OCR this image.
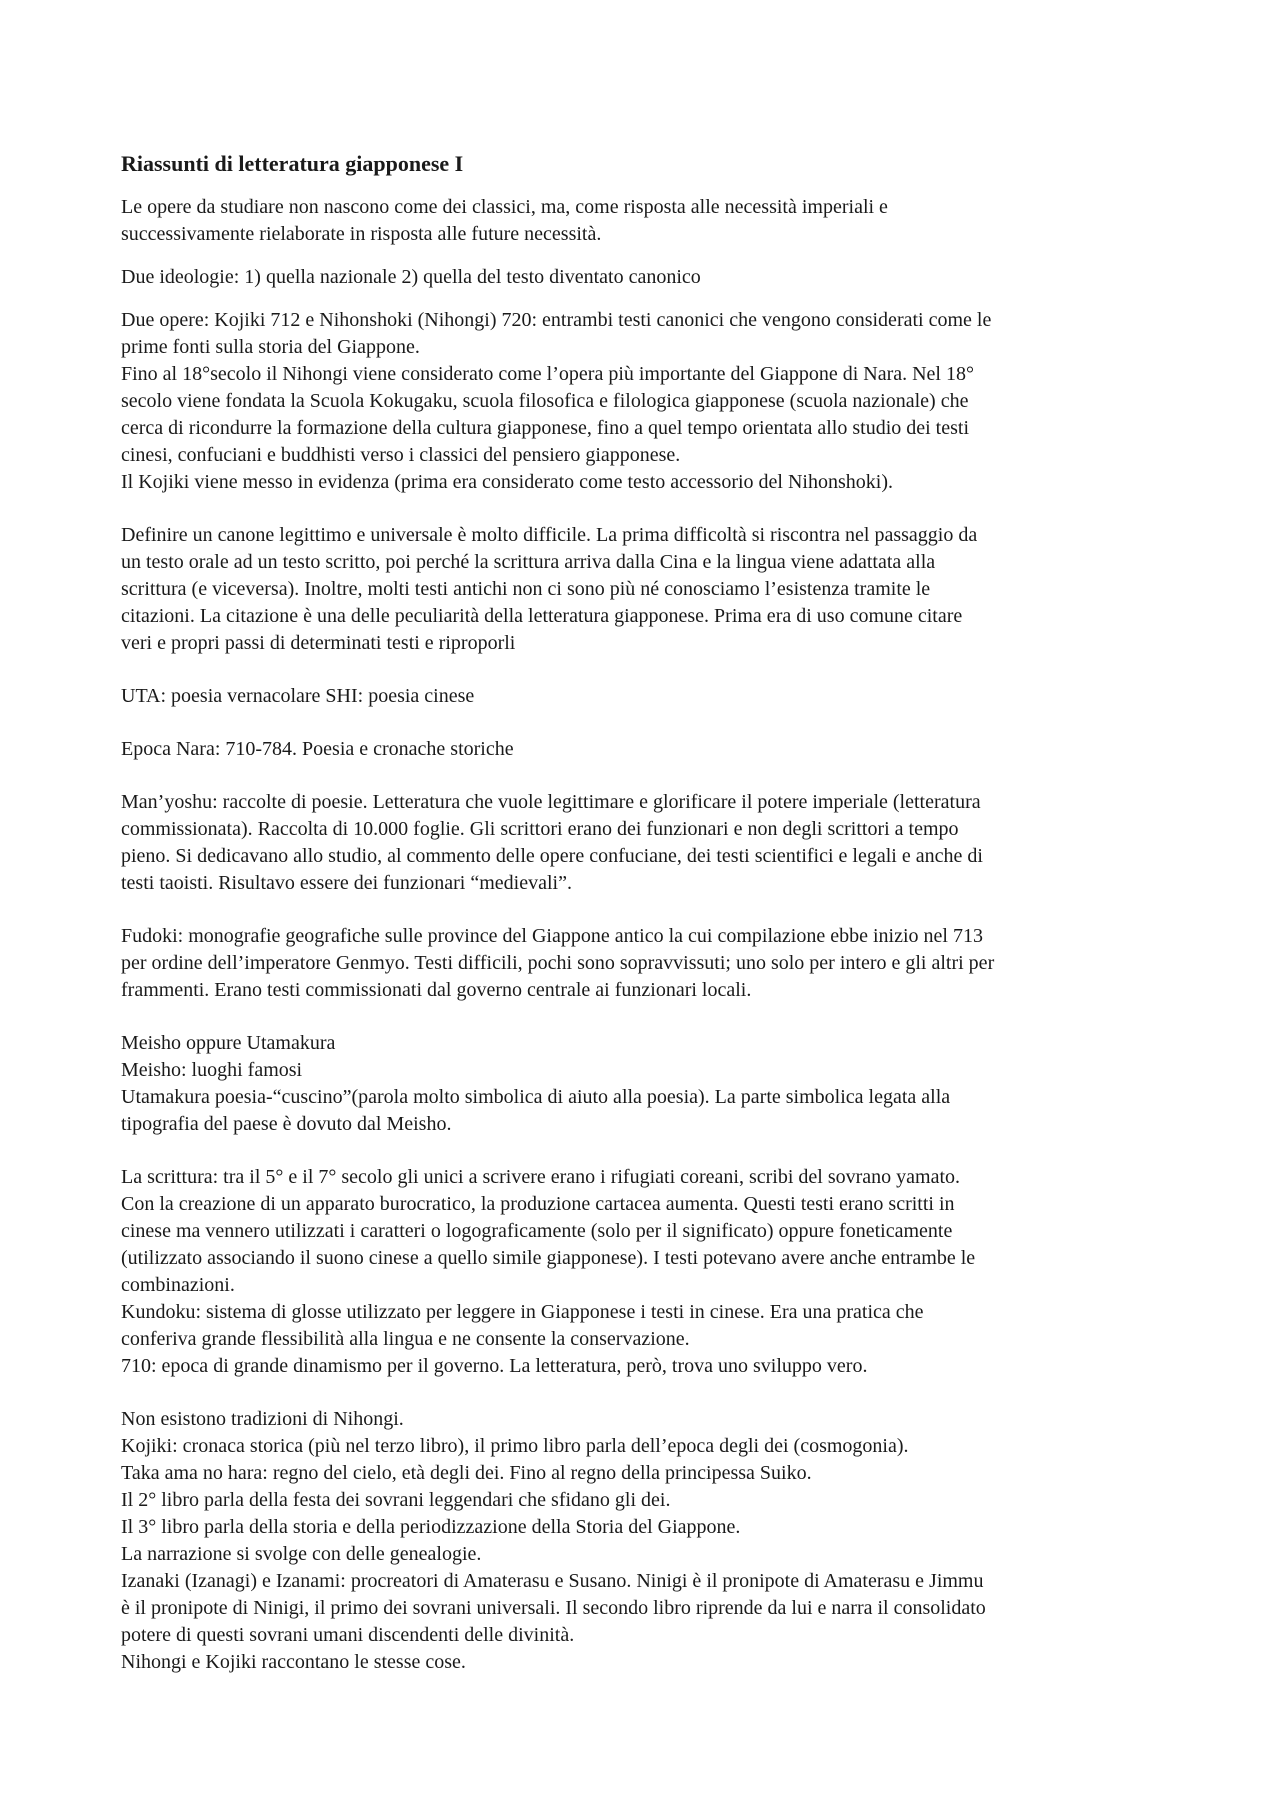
Riassunti di letteratura giapponese I
Le opere da studiare non nascono come dei classici, ma, come risposta alle necessità imperiali e
successivamente rielaborate in risposta alle future necessità.
Due ideologie: 1) quella nazionale 2) quella del testo diventato canonico
Due opere: Kojiki 712 e Nihonshoki (Nihongi) 720: entrambi testi canonici che vengono considerati come le
prime fonti sulla storia del Giappone.
Fino al 18°secolo il Nihongi viene considerato come l’opera più importante del Giappone di Nara. Nel 18°
secolo viene fondata la Scuola Kokugaku, scuola filosofica e filologica giapponese (scuola nazionale) che
cerca di ricondurre la formazione della cultura giapponese, fino a quel tempo orientata allo studio dei testi
cinesi, confuciani e buddhisti verso i classici del pensiero giapponese.
Il Kojiki viene messo in evidenza (prima era considerato come testo accessorio del Nihonshoki).
Definire un canone legittimo e universale è molto difficile. La prima difficoltà si riscontra nel passaggio da
un testo orale ad un testo scritto, poi perché la scrittura arriva dalla Cina e la lingua viene adattata alla
scrittura (e viceversa). Inoltre, molti testi antichi non ci sono più né conosciamo l’esistenza tramite le
citazioni. La citazione è una delle peculiarità della letteratura giapponese. Prima era di uso comune citare
veri e propri passi di determinati testi e riproporli
UTA: poesia vernacolare SHI: poesia cinese
Epoca Nara: 710-784. Poesia e cronache storiche
Man’yoshu: raccolte di poesie. Letteratura che vuole legittimare e glorificare il potere imperiale (letteratura
commissionata). Raccolta di 10.000 foglie. Gli scrittori erano dei funzionari e non degli scrittori a tempo
pieno. Si dedicavano allo studio, al commento delle opere confuciane, dei testi scientifici e legali e anche di
testi taoisti. Risultavo essere dei funzionari “medievali”.
Fudoki: monografie geografiche sulle province del Giappone antico la cui compilazione ebbe inizio nel 713
per ordine dell’imperatore Genmyo. Testi difficili, pochi sono sopravvissuti; uno solo per intero e gli altri per
frammenti. Erano testi commissionati dal governo centrale ai funzionari locali.
Meisho oppure Utamakura
Meisho: luoghi famosi
Utamakura poesia-“cuscino”(parola molto simbolica di aiuto alla poesia). La parte simbolica legata alla
tipografia del paese è dovuto dal Meisho.
La scrittura: tra il 5° e il 7° secolo gli unici a scrivere erano i rifugiati coreani, scribi del sovrano yamato.
Con la creazione di un apparato burocratico, la produzione cartacea aumenta. Questi testi erano scritti in
cinese ma vennero utilizzati i caratteri o logograficamente (solo per il significato) oppure foneticamente
(utilizzato associando il suono cinese a quello simile giapponese). I testi potevano avere anche entrambe le
combinazioni.
Kundoku: sistema di glosse utilizzato per leggere in Giapponese i testi in cinese. Era una pratica che
conferiva grande flessibilità alla lingua e ne consente la conservazione.
710: epoca di grande dinamismo per il governo. La letteratura, però, trova uno sviluppo vero.
Non esistono tradizioni di Nihongi.
Kojiki: cronaca storica (più nel terzo libro), il primo libro parla dell’epoca degli dei (cosmogonia).
Taka ama no hara: regno del cielo, età degli dei. Fino al regno della principessa Suiko.
Il 2° libro parla della festa dei sovrani leggendari che sfidano gli dei.
Il 3° libro parla della storia e della periodizzazione della Storia del Giappone.
La narrazione si svolge con delle genealogie.
Izanaki (Izanagi) e Izanami: procreatori di Amaterasu e Susano. Ninigi è il pronipote di Amaterasu e Jimmu
è il pronipote di Ninigi, il primo dei sovrani universali. Il secondo libro riprende da lui e narra il consolidato
potere di questi sovrani umani discendenti delle divinità.
Nihongi e Kojiki raccontano le stesse cose.
